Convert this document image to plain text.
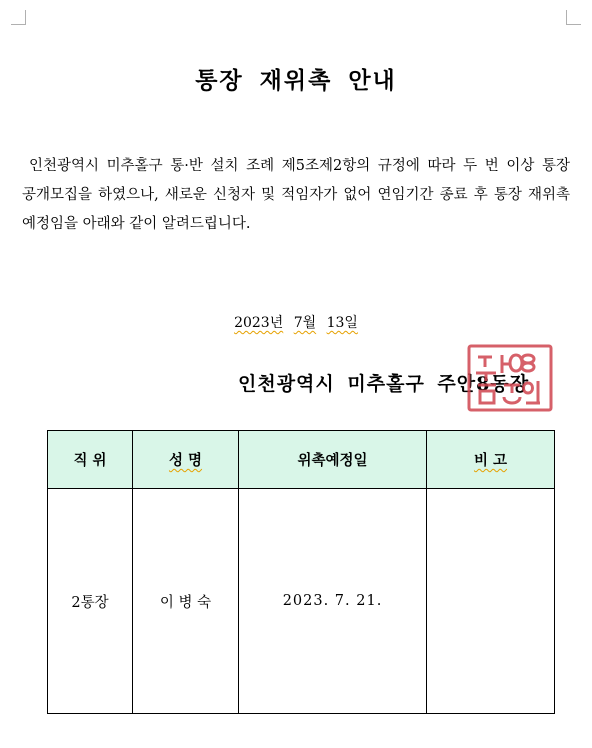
통장 재위촉 안내

인천광역시 미추홀구 통·반 설치 조례 제5조제2항의 규정에 따라 두 번 이상 통장 공개모집을 하였으나, 새로운 신청자 및 적임자가 없어 연임기간 종료 후 통장 재위촉 예정임을 아래와 같이 알려드립니다.

2023년 7월 13일
인천광역시 미추홀구 주안8동장
직 위	성 명	위촉예정일	비 고
2통장	이 병 숙	2023. 7. 21.	
